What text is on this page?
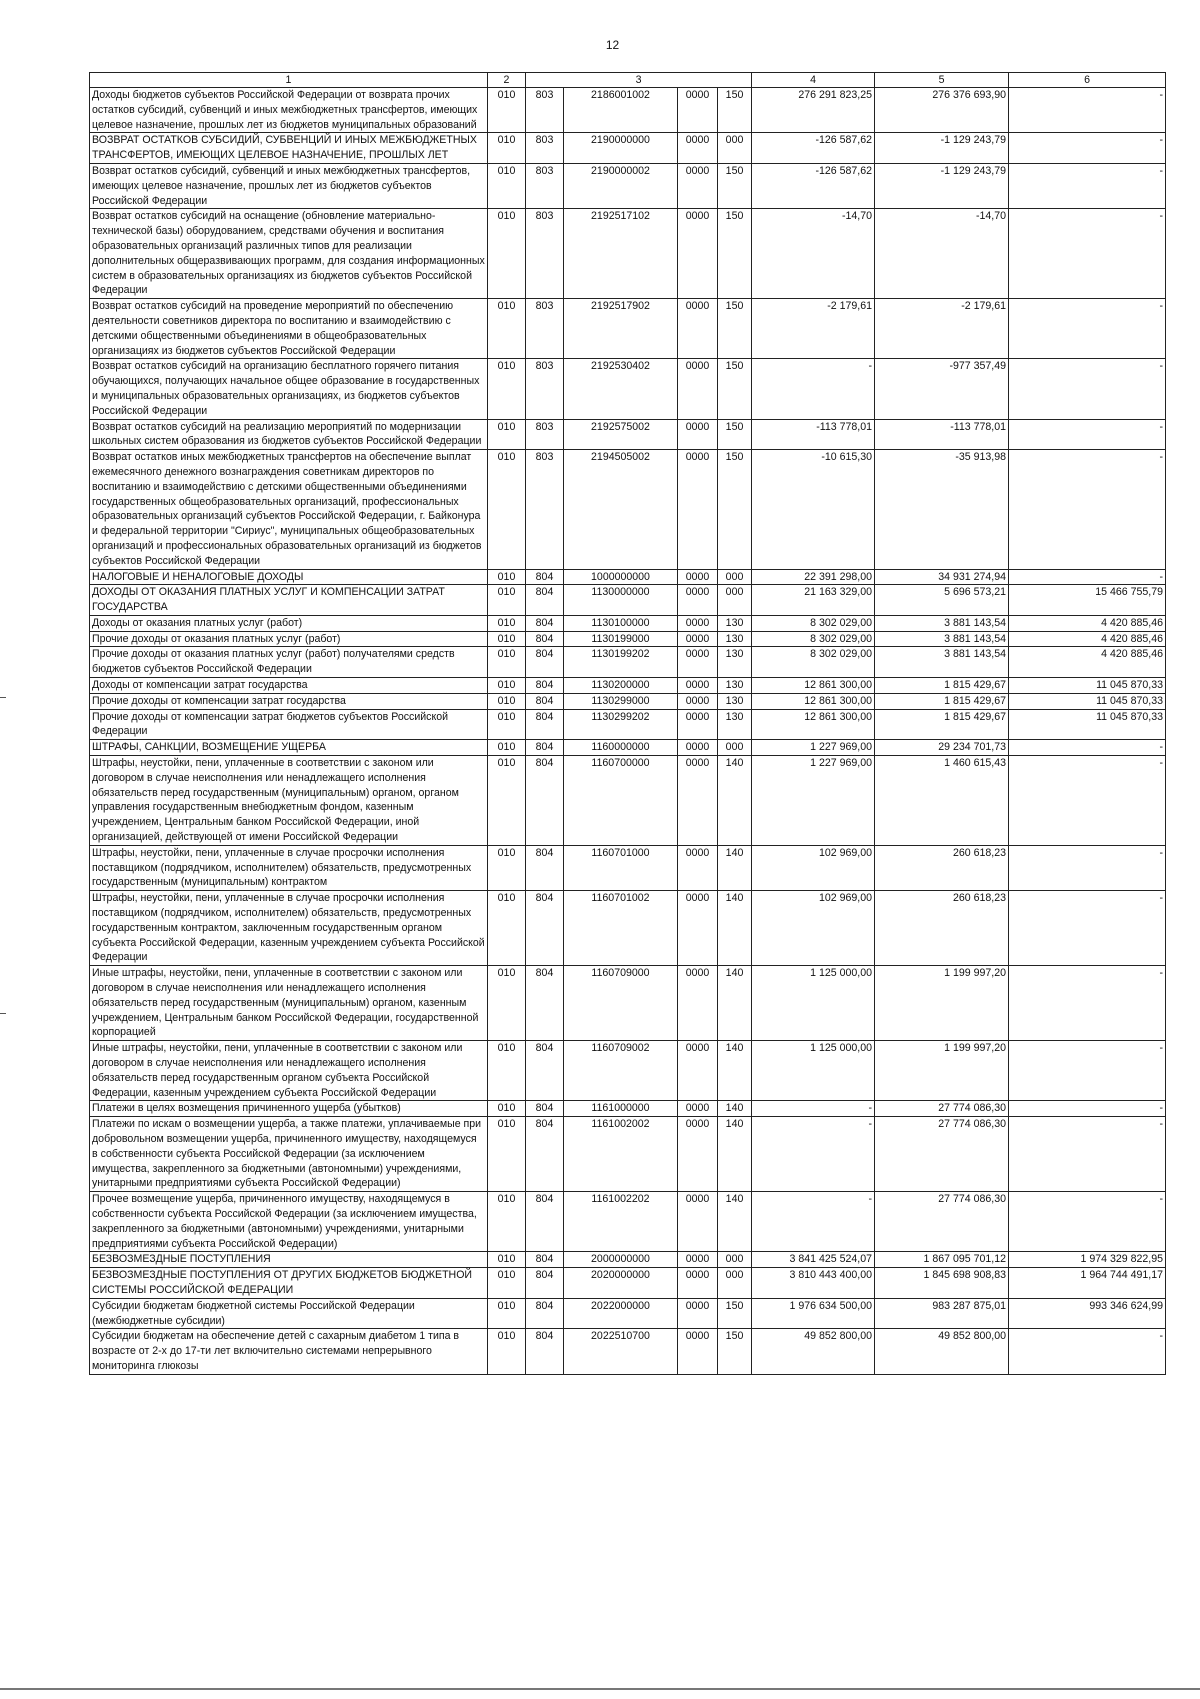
12
1	2	3				4	5	6
Доходы бюджетов субъектов Российской Федерации от возврата прочих остатков субсидий, субвенций и иных межбюджетных трансфертов, имеющих целевое назначение, прошлых лет из бюджетов муниципальных образований	010	803	2186001002	0000	150	276 291 823,25	276 376 693,90	-
ВОЗВРАТ ОСТАТКОВ СУБСИДИЙ, СУБВЕНЦИЙ И ИНЫХ МЕЖБЮДЖЕТНЫХ ТРАНСФЕРТОВ, ИМЕЮЩИХ ЦЕЛЕВОЕ НАЗНАЧЕНИЕ, ПРОШЛЫХ ЛЕТ	010	803	2190000000	0000	000	-126 587,62	-1 129 243,79	-
Возврат остатков субсидий, субвенций и иных межбюджетных трансфертов, имеющих целевое назначение, прошлых лет из бюджетов субъектов Российской Федерации	010	803	2190000002	0000	150	-126 587,62	-1 129 243,79	-
Возврат остатков субсидий на оснащение (обновление материально-технической базы) оборудованием, средствами обучения и воспитания образовательных организаций различных типов для реализации дополнительных общеразвивающих программ, для создания информационных систем в образовательных организациях из бюджетов субъектов Российской Федерации	010	803	2192517102	0000	150	-14,70	-14,70	-
Возврат остатков субсидий на проведение мероприятий по обеспечению деятельности советников директора по воспитанию и взаимодействию с детскими общественными объединениями в общеобразовательных организациях из бюджетов субъектов Российской Федерации	010	803	2192517902	0000	150	-2 179,61	-2 179,61	-
Возврат остатков субсидий на организацию бесплатного горячего питания обучающихся, получающих начальное общее образование в государственных и муниципальных образовательных организациях, из бюджетов субъектов Российской Федерации	010	803	2192530402	0000	150	-	-977 357,49	-
Возврат остатков субсидий на реализацию мероприятий по модернизации школьных систем образования из бюджетов субъектов Российской Федерации	010	803	2192575002	0000	150	-113 778,01	-113 778,01	-
Возврат остатков иных межбюджетных трансфертов на обеспечение выплат ежемесячного денежного вознаграждения советникам директоров по воспитанию и взаимодействию с детскими общественными объединениями государственных общеобразовательных организаций, профессиональных образовательных организаций субъектов Российской Федерации, г. Байконура и федеральной территории "Сириус", муниципальных общеобразовательных организаций и профессиональных образовательных организаций из бюджетов субъектов Российской Федерации	010	803	2194505002	0000	150	-10 615,30	-35 913,98	-
НАЛОГОВЫЕ И НЕНАЛОГОВЫЕ ДОХОДЫ	010	804	1000000000	0000	000	22 391 298,00	34 931 274,94	-
ДОХОДЫ ОТ ОКАЗАНИЯ ПЛАТНЫХ УСЛУГ И КОМПЕНСАЦИИ ЗАТРАТ ГОСУДАРСТВА	010	804	1130000000	0000	000	21 163 329,00	5 696 573,21	15 466 755,79
Доходы от оказания платных услуг (работ)	010	804	1130100000	0000	130	8 302 029,00	3 881 143,54	4 420 885,46
Прочие доходы от оказания платных услуг (работ)	010	804	1130199000	0000	130	8 302 029,00	3 881 143,54	4 420 885,46
Прочие доходы от оказания платных услуг (работ) получателями средств бюджетов субъектов Российской Федерации	010	804	1130199202	0000	130	8 302 029,00	3 881 143,54	4 420 885,46
Доходы от компенсации затрат государства	010	804	1130200000	0000	130	12 861 300,00	1 815 429,67	11 045 870,33
Прочие доходы от компенсации затрат государства	010	804	1130299000	0000	130	12 861 300,00	1 815 429,67	11 045 870,33
Прочие доходы от компенсации затрат бюджетов субъектов Российской Федерации	010	804	1130299202	0000	130	12 861 300,00	1 815 429,67	11 045 870,33
ШТРАФЫ, САНКЦИИ, ВОЗМЕЩЕНИЕ УЩЕРБА	010	804	1160000000	0000	000	1 227 969,00	29 234 701,73	-
Штрафы, неустойки, пени, уплаченные в соответствии с законом или договором в случае неисполнения или ненадлежащего исполнения обязательств перед государственным (муниципальным) органом, органом управления государственным внебюджетным фондом, казенным учреждением, Центральным банком Российской Федерации, иной организацией, действующей от имени Российской Федерации	010	804	1160700000	0000	140	1 227 969,00	1 460 615,43	-
Штрафы, неустойки, пени, уплаченные в случае просрочки исполнения поставщиком (подрядчиком, исполнителем) обязательств, предусмотренных государственным (муниципальным) контрактом	010	804	1160701000	0000	140	102 969,00	260 618,23	-
Штрафы, неустойки, пени, уплаченные в случае просрочки исполнения поставщиком (подрядчиком, исполнителем) обязательств, предусмотренных государственным контрактом, заключенным государственным органом субъекта Российской Федерации, казенным учреждением субъекта Российской Федерации	010	804	1160701002	0000	140	102 969,00	260 618,23	-
Иные штрафы, неустойки, пени, уплаченные в соответствии с законом или договором в случае неисполнения или ненадлежащего исполнения обязательств перед государственным (муниципальным) органом, казенным учреждением, Центральным банком Российской Федерации, государственной корпорацией	010	804	1160709000	0000	140	1 125 000,00	1 199 997,20	-
Иные штрафы, неустойки, пени, уплаченные в соответствии с законом или договором в случае неисполнения или ненадлежащего исполнения обязательств перед государственным органом субъекта Российской Федерации, казенным учреждением субъекта Российской Федерации	010	804	1160709002	0000	140	1 125 000,00	1 199 997,20	-
Платежи в целях возмещения причиненного ущерба (убытков)	010	804	1161000000	0000	140	-	27 774 086,30	-
Платежи по искам о возмещении ущерба, а также платежи, уплачиваемые при добровольном возмещении ущерба, причиненного имуществу, находящемуся в собственности субъекта Российской Федерации (за исключением имущества, закрепленного за бюджетными (автономными) учреждениями, унитарными предприятиями субъекта Российской Федерации)	010	804	1161002002	0000	140	-	27 774 086,30	-
Прочее возмещение ущерба, причиненного имуществу, находящемуся в собственности субъекта Российской Федерации (за исключением имущества, закрепленного за бюджетными (автономными) учреждениями, унитарными предприятиями субъекта Российской Федерации)	010	804	1161002202	0000	140	-	27 774 086,30	-
БЕЗВОЗМЕЗДНЫЕ ПОСТУПЛЕНИЯ	010	804	2000000000	0000	000	3 841 425 524,07	1 867 095 701,12	1 974 329 822,95
БЕЗВОЗМЕЗДНЫЕ ПОСТУПЛЕНИЯ ОТ ДРУГИХ БЮДЖЕТОВ БЮДЖЕТНОЙ СИСТЕМЫ РОССИЙСКОЙ ФЕДЕРАЦИИ	010	804	2020000000	0000	000	3 810 443 400,00	1 845 698 908,83	1 964 744 491,17
Субсидии бюджетам бюджетной системы Российской Федерации (межбюджетные субсидии)	010	804	2022000000	0000	150	1 976 634 500,00	983 287 875,01	993 346 624,99
Субсидии бюджетам на обеспечение детей с сахарным диабетом 1 типа в возрасте от 2-х до 17-ти лет включительно системами непрерывного мониторинга глюкозы	010	804	2022510700	0000	150	49 852 800,00	49 852 800,00	-
